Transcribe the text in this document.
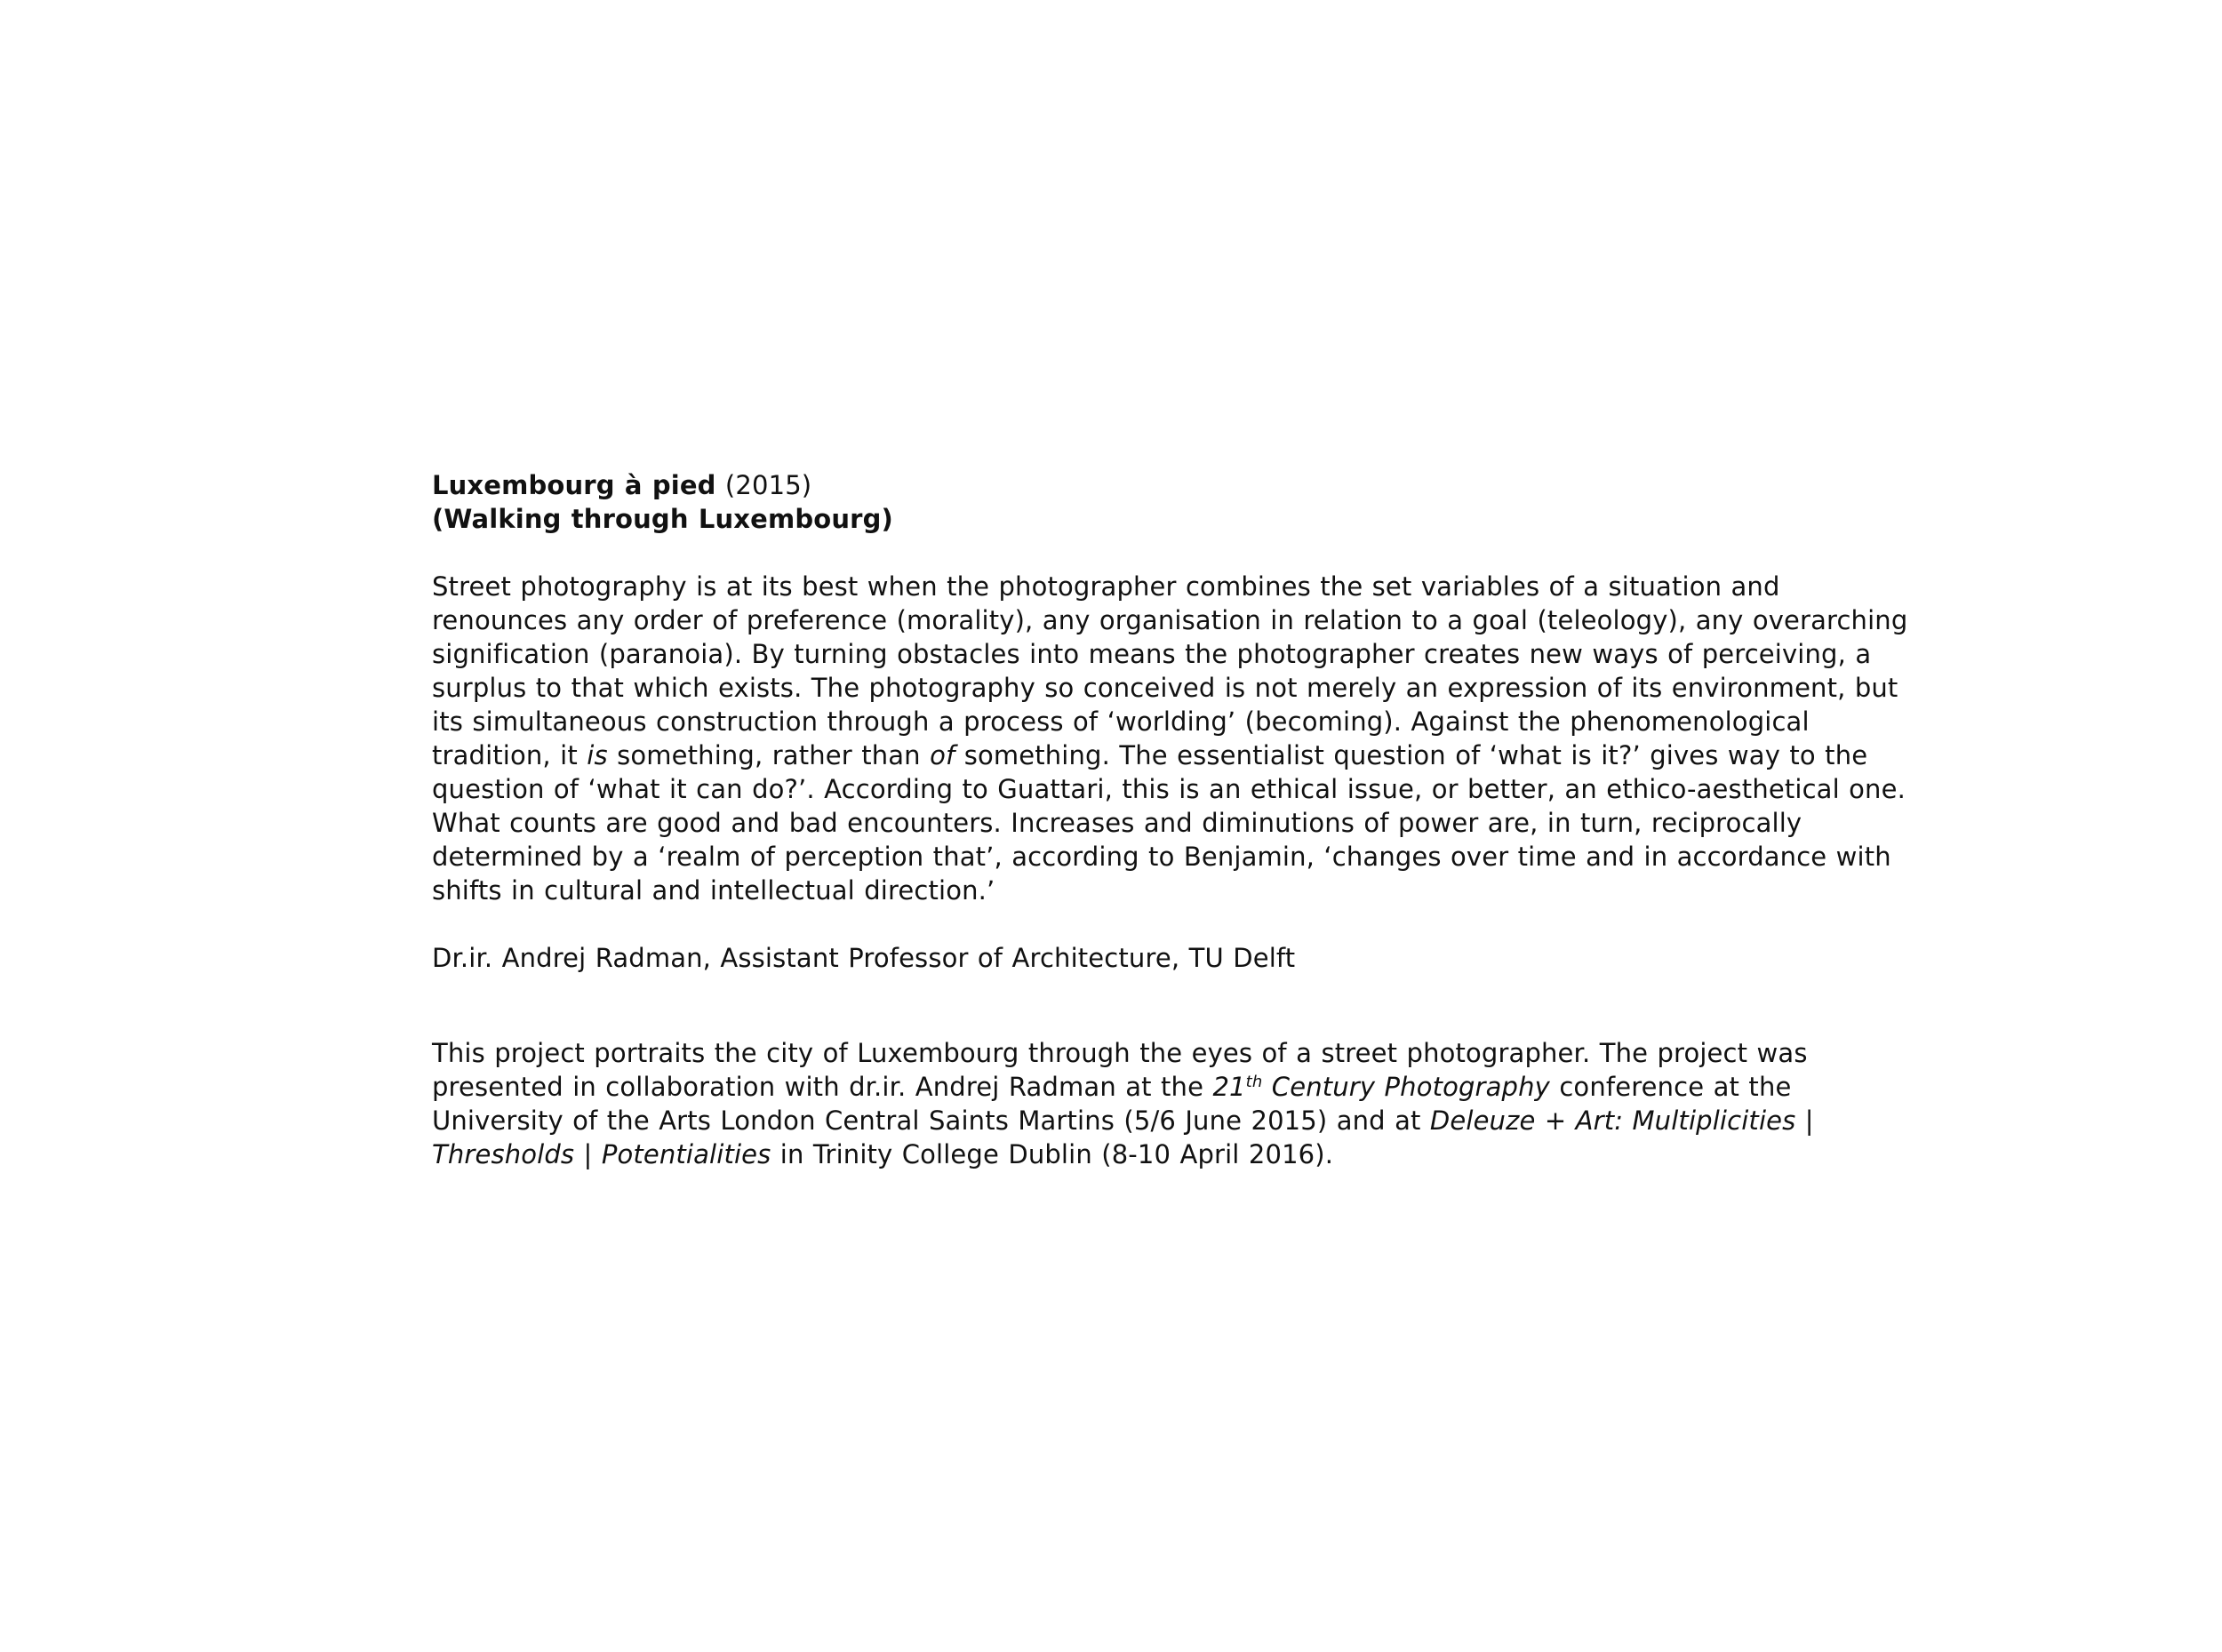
Luxembourg à pied (2015)

(Walking through Luxembourg)

Street photography is at its best when the photographer combines the set variables of a situation and
renounces any order of preference (morality), any organisation in relation to a goal (teleology), any overarching
signification (paranoia). By turning obstacles into means the photographer creates new ways of perceiving, a
surplus to that which exists. The photography so conceived is not merely an expression of its environment, but
its simultaneous construction through a process of ‘worlding’ (becoming). Against the phenomenological
tradition, it is something, rather than of something. The essentialist question of ‘what is it?’ gives way to the
question of ‘what it can do?’. According to Guattari, this is an ethical issue, or better, an ethico-aesthetical one.
What counts are good and bad encounters. Increases and diminutions of power are, in turn, reciprocally
determined by a ‘realm of perception that’, according to Benjamin, ‘changes over time and in accordance with
shifts in cultural and intellectual direction.’

Dr.ir. Andrej Radman, Assistant Professor of Architecture, TU Delft

This project portraits the city of Luxembourg through the eyes of a street photographer. The project was
presented in collaboration with dr.ir. Andrej Radman at the 21th Century Photography conference at the
University of the Arts London Central Saints Martins (5/6 June 2015) and at Deleuze + Art: Multiplicities |
Thresholds | Potentialities in Trinity College Dublin (8-10 April 2016).
